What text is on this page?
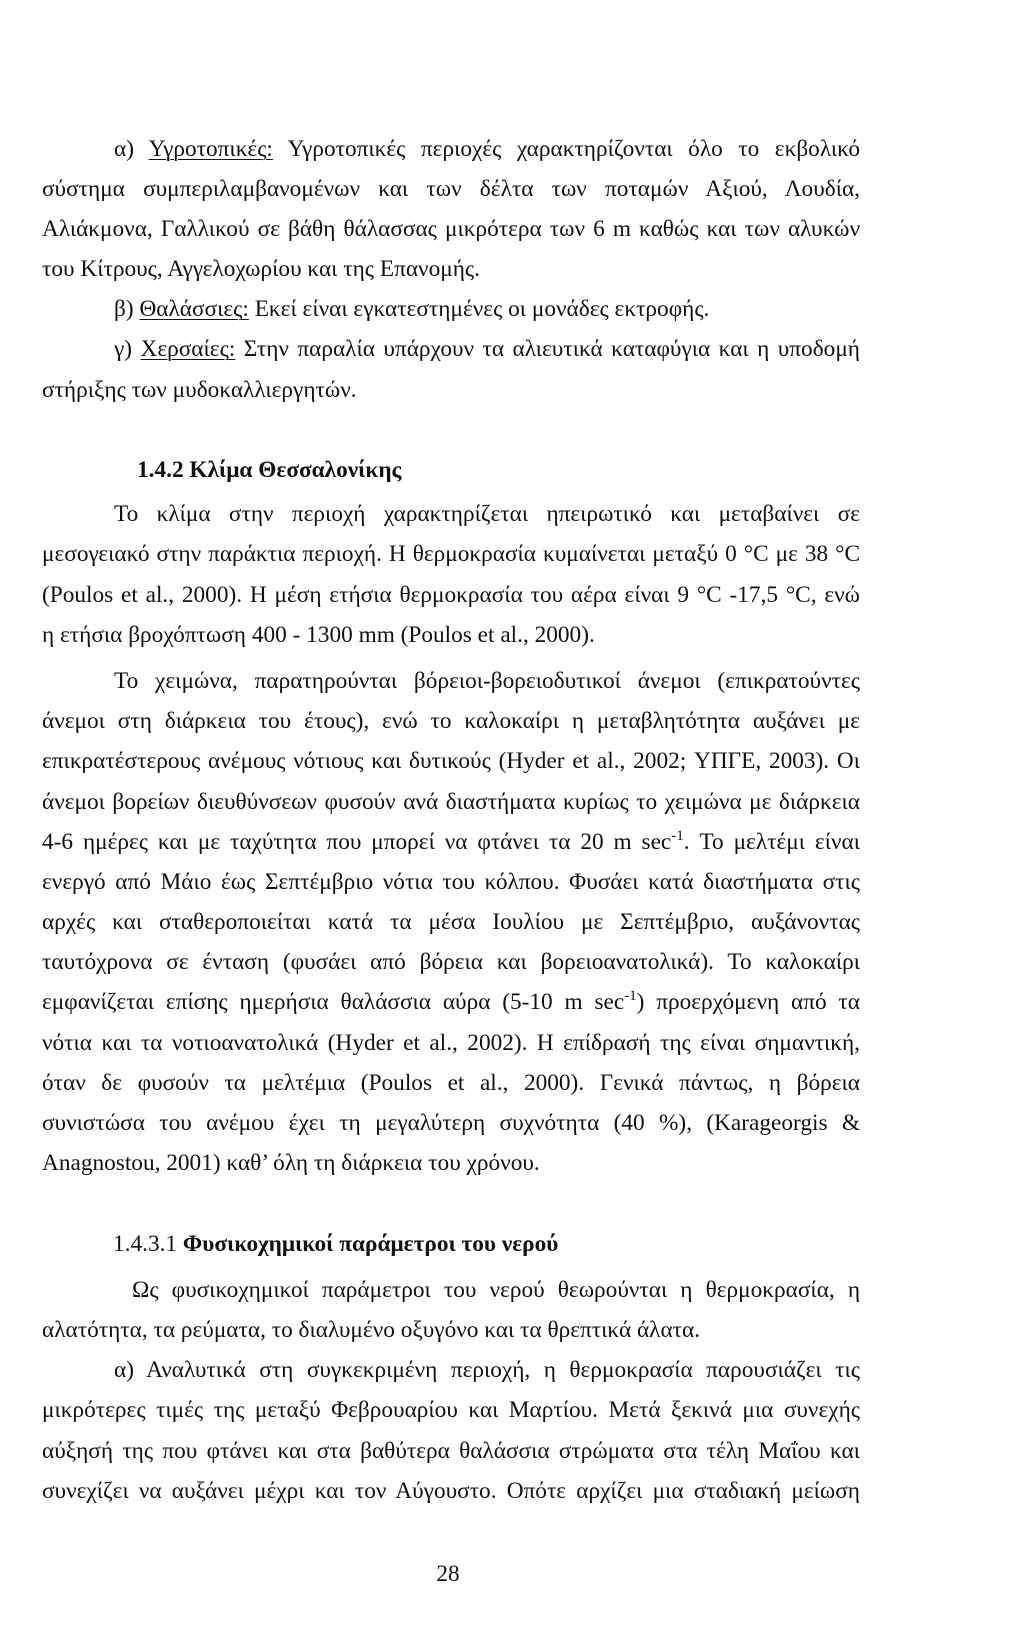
α) Υγροτοπικές: Υγροτοπικές περιοχές χαρακτηρίζονται όλο το εκβολικό
σύστημα συμπεριλαμβανομένων και των δέλτα των ποταμών Αξιού, Λουδία,
Αλιάκμονα, Γαλλικού σε βάθη θάλασσας μικρότερα των 6 m καθώς και των αλυκών
του Κίτρους, Αγγελοχωρίου και της Επανομής.
β) Θαλάσσιες: Εκεί είναι εγκατεστημένες οι μονάδες εκτροφής.
γ) Χερσαίες: Στην παραλία υπάρχουν τα αλιευτικά καταφύγια και η υποδομή
στήριξης των μυδοκαλλιεργητών.
1.4.2 Κλίμα Θεσσαλονίκης
Το κλίμα στην περιοχή χαρακτηρίζεται ηπειρωτικό και μεταβαίνει σε
μεσογειακό στην παράκτια περιοχή. Η θερμοκρασία κυμαίνεται μεταξύ 0 °C με 38 °C
(Poulos et al., 2000). Η μέση ετήσια θερμοκρασία του αέρα είναι 9 °C -17,5 °C, ενώ
η ετήσια βροχόπτωση 400 - 1300 mm (Poulos et al., 2000).
Το χειμώνα, παρατηρούνται βόρειοι-βορειοδυτικοί άνεμοι (επικρατούντες
άνεμοι στη διάρκεια του έτους), ενώ το καλοκαίρι η μεταβλητότητα αυξάνει με
επικρατέστερους ανέμους νότιους και δυτικούς (Hyder et al., 2002; ΥΠΓΕ, 2003). Οι
άνεμοι βορείων διευθύνσεων φυσούν ανά διαστήματα κυρίως το χειμώνα με διάρκεια
4-6 ημέρες και με ταχύτητα που μπορεί να φτάνει τα 20 m $\sec^{-1}$. Το μελτέμι είναι
ενεργό από Μάιο έως Σεπτέμβριο νότια του κόλπου. Φυσάει κατά διαστήματα στις
αρχές και σταθεροποιείται κατά τα μέσα Ιουλίου με Σεπτέμβριο, αυξάνοντας
ταυτόχρονα σε ένταση (φυσάει από βόρεια και βορειοανατολικά). Το καλοκαίρι
εμφανίζεται επίσης ημερήσια θαλάσσια αύρα (5-10 m $\sec^{-1}$) προερχόμενη από τα
νότια και τα νοτιοανατολικά (Hyder et al., 2002). Η επίδρασή της είναι σημαντική,
όταν δε φυσούν τα μελτέμια (Poulos et al., 2000). Γενικά πάντως, η βόρεια
συνιστώσα του ανέμου έχει τη μεγαλύτερη συχνότητα (40 %), (Karageorgis &
Anagnostou, 2001) καθ’ όλη τη διάρκεια του χρόνου.
1.4.3.1 Φυσικοχημικοί παράμετροι του νερού
Ως φυσικοχημικοί παράμετροι του νερού θεωρούνται η θερμοκρασία, η
αλατότητα, τα ρεύματα, το διαλυμένο οξυγόνο και τα θρεπτικά άλατα.
α) Αναλυτικά στη συγκεκριμένη περιοχή, η θερμοκρασία παρουσιάζει τις
μικρότερες τιμές της μεταξύ Φεβρουαρίου και Μαρτίου. Μετά ξεκινά μια συνεχής
αύξησή της που φτάνει και στα βαθύτερα θαλάσσια στρώματα στα τέλη Μαΐου και
συνεχίζει να αυξάνει μέχρι και τον Αύγουστο. Οπότε αρχίζει μια σταδιακή μείωση
28
